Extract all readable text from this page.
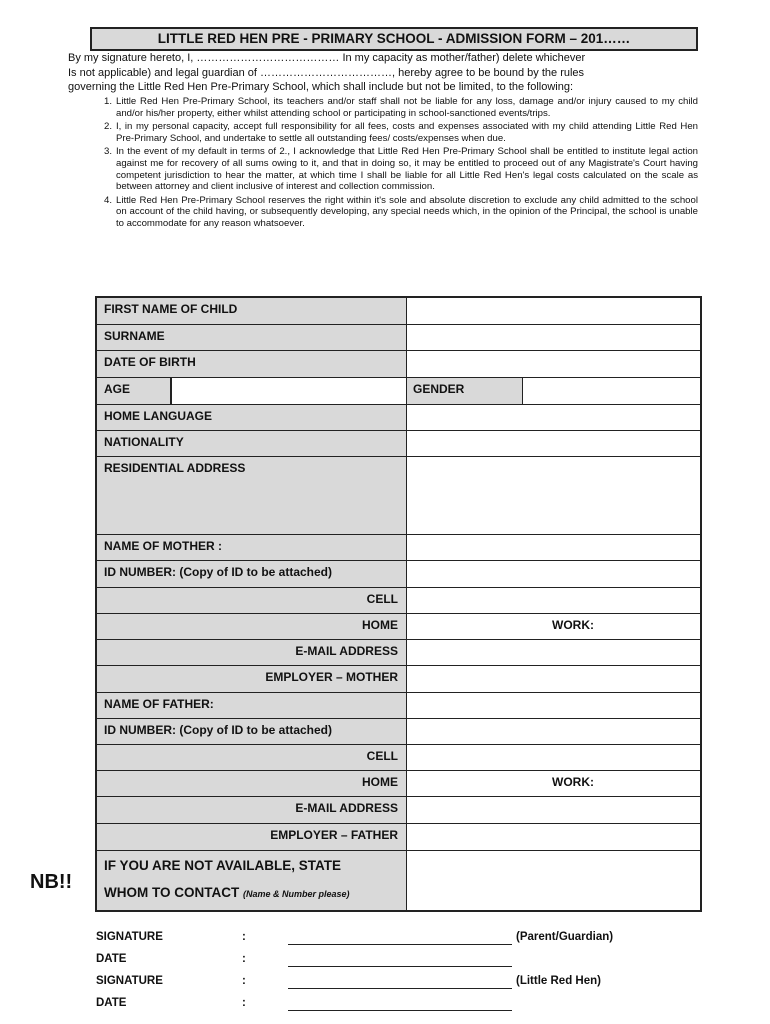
LITTLE RED HEN PRE - PRIMARY SCHOOL - ADMISSION FORM – 201……

By my signature hereto, I, ………………………………… In my capacity as mother/father) delete whichever

Is not applicable) and legal guardian of ………………………………, hereby agree to be bound by the rules

governing the Little Red Hen Pre-Primary School, which shall include but not be limited, to the following:

1. Little Red Hen Pre-Primary School, its teachers and/or staff shall not be liable for any loss, damage and/or injury caused to my child and/or his/her property, either whilst attending school or participating in school-sanctioned events/trips.
2. I, in my personal capacity, accept full responsibility for all fees, costs and expenses associated with my child attending Little Red Hen Pre-Primary School, and undertake to settle all outstanding fees/ costs/expenses when due.
3. In the event of my default in terms of 2., I acknowledge that Little Red Hen Pre-Primary School shall be entitled to institute legal action against me for recovery of all sums owing to it, and that in doing so, it may be entitled to proceed out of any Magistrate's Court having competent jurisdiction to hear the matter, at which time I shall be liable for all Little Red Hen's legal costs calculated on the scale as between attorney and client inclusive of interest and collection commission.
4. Little Red Hen Pre-Primary School reserves the right within it's sole and absolute discretion to exclude any child admitted to the school on account of the child having, or subsequently developing, any special needs which, in the opinion of the Principal, the school is unable to accommodate for any reason whatsoever.
FIRST NAME OF CHILD
SURNAME
DATE OF BIRTH
AGE	GENDER
HOME LANGUAGE
NATIONALITY
RESIDENTIAL ADDRESS
NAME OF MOTHER :
ID NUMBER: (Copy of ID to be attached)
CELL
HOME	WORK:
E-MAIL ADDRESS
EMPLOYER – MOTHER
NAME OF FATHER:
ID NUMBER: (Copy of ID to be attached)
CELL
HOME	WORK:
E-MAIL ADDRESS
EMPLOYER – FATHER
IF YOU ARE NOT AVAILABLE, STATE
WHOM TO CONTACT (Name & Number please)
NB!!
SIGNATURE	:	(Parent/Guardian)
DATE	:
SIGNATURE	:	(Little Red Hen)
DATE	:
